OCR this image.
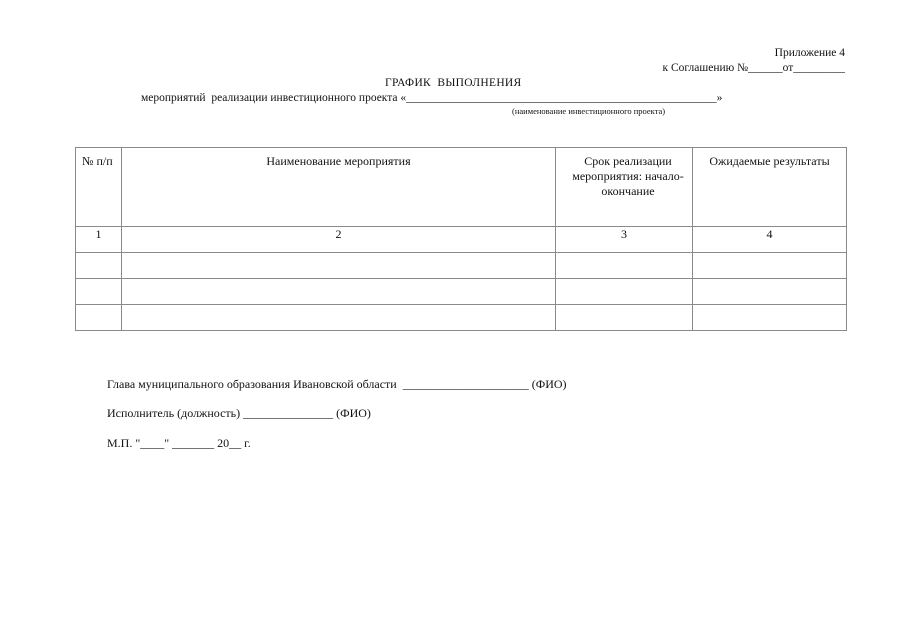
Приложение 4
к Соглашению №______от_________
ГРАФИК  ВЫПОЛНЕНИЯ
мероприятий  реализации инвестиционного проекта «______________________________________________________»
(наименование инвестиционного проекта)
№ п/п	Наименование мероприятия	Срок реализации мероприятия: начало-окончание	Ожидаемые результаты

1	2	3	4

Глава муниципального образования Ивановской области  _____________________ (ФИО)
Исполнитель (должность) _______________ (ФИО)
М.П. "____" _______ 20__ г.
